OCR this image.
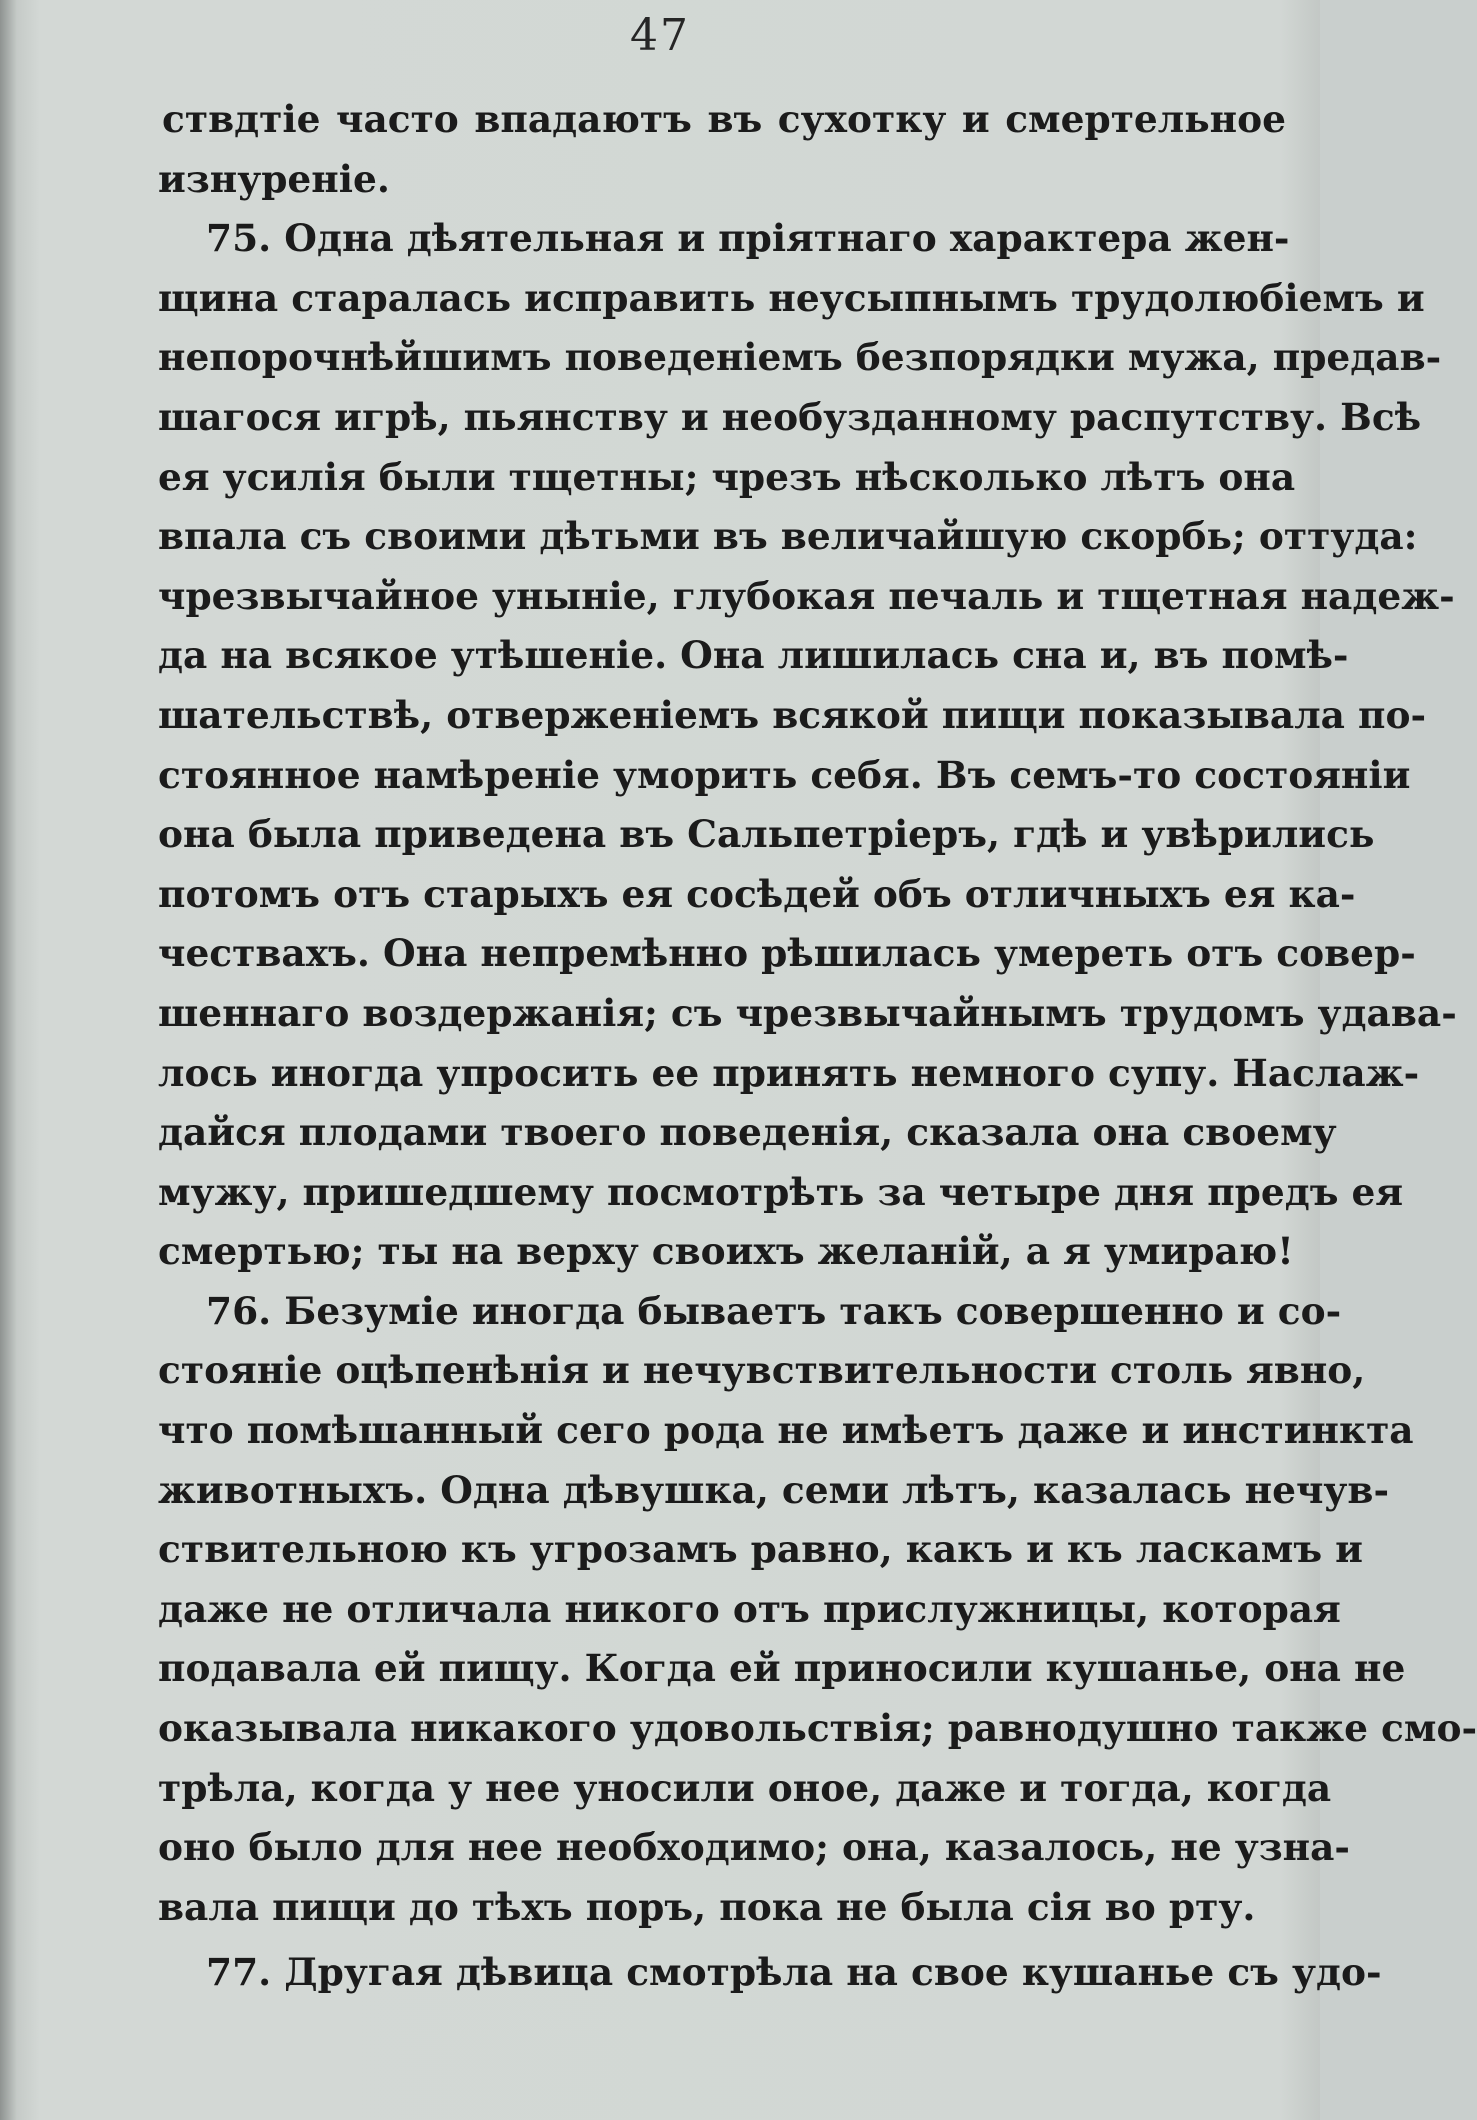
47
ствдтіе часто впадаютъ въ сухотку и смертельное
изнуреніе.
75. Одна дѣятельная и пріятнаго характера жен-
щина старалась исправить неусыпнымъ трудолюбіемъ и
непорочнѣйшимъ поведеніемъ безпорядки мужа, предав-
шагося игрѣ, пьянству и необузданному распутству. Всѣ
ея усилія были тщетны; чрезъ нѣсколько лѣтъ она
впала съ своими дѣтьми въ величайшую скорбь; оттуда:
чрезвычайное уныніе, глубокая печаль и тщетная надеж-
да на всякое утѣшеніе. Она лишилась сна и, въ помѣ-
шательствѣ, отверженіемъ всякой пищи показывала по-
стоянное намѣреніе уморить себя. Въ семъ-то состояніи
она была приведена въ Сальпетріеръ, гдѣ и увѣрились
потомъ отъ старыхъ ея сосѣдей объ отличныхъ ея ка-
чествахъ. Она непремѣнно рѣшилась умереть отъ совер-
шеннаго воздержанія; съ чрезвычайнымъ трудомъ удава-
лось иногда упросить ее принять немного супу. Наслаж-
дайся плодами твоего поведенія, сказала она своему
мужу, пришедшему посмотрѣть за четыре дня предъ ея
смертью; ты на верху своихъ желаній, а я умираю!
76. Безуміе иногда бываетъ такъ совершенно и со-
стояніе оцѣпенѣнія и нечувствительности столь явно,
что помѣшанный сего рода не имѣетъ даже и инстинкта
животныхъ. Одна дѣвушка, семи лѣтъ, казалась нечув-
ствительною къ угрозамъ равно, какъ и къ ласкамъ и
даже не отличала никого отъ прислужницы, которая
подавала ей пищу. Когда ей приносили кушанье, она не
оказывала никакого удовольствія; равнодушно также смо-
трѣла, когда у нее уносили оное, даже и тогда, когда
оно было для нее необходимо; она, казалось, не узна-
вала пищи до тѣхъ поръ, пока не была сія во рту.
77. Другая дѣвица смотрѣла на свое кушанье съ удо-
